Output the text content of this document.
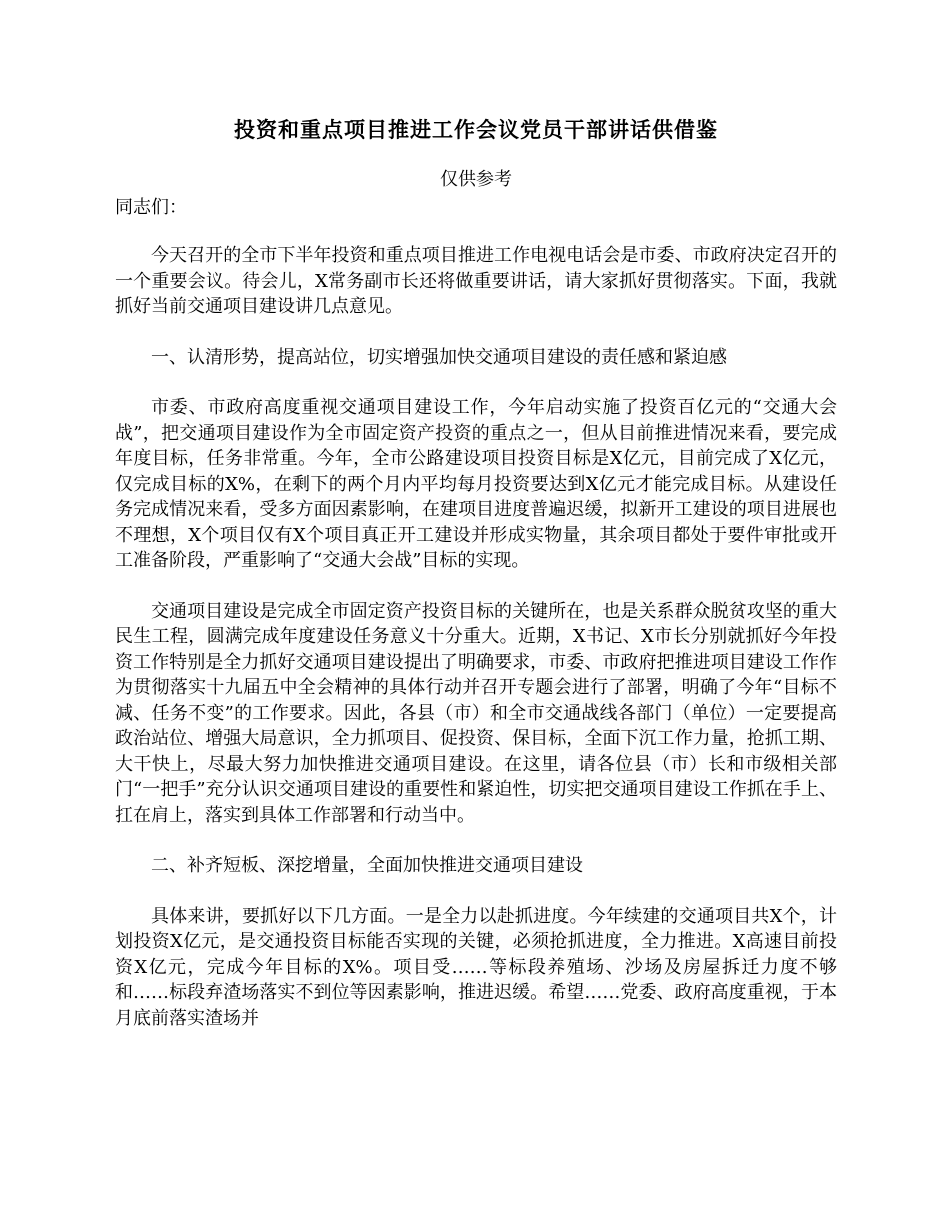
投资和重点项目推进工作会议党员干部讲话供借鉴
仅供参考

同志们：

今天召开的全市下半年投资和重点项目推进工作电视电话会是市委、市政府决定召开的一个重要会议。待会儿，X常务副市长还将做重要讲话，请大家抓好贯彻落实。下面，我就抓好当前交通项目建设讲几点意见。

一、认清形势，提高站位，切实增强加快交通项目建设的责任感和紧迫感

市委、市政府高度重视交通项目建设工作，今年启动实施了投资百亿元的“交通大会战”，把交通项目建设作为全市固定资产投资的重点之一，但从目前推进情况来看，要完成年度目标，任务非常重。今年，全市公路建设项目投资目标是X亿元，目前完成了X亿元，仅完成目标的X%，在剩下的两个月内平均每月投资要达到X亿元才能完成目标。从建设任务完成情况来看，受多方面因素影响，在建项目进度普遍迟缓，拟新开工建设的项目进展也不理想，X个项目仅有X个项目真正开工建设并形成实物量，其余项目都处于要件审批或开工准备阶段，严重影响了“交通大会战”目标的实现。

交通项目建设是完成全市固定资产投资目标的关键所在，也是关系群众脱贫攻坚的重大民生工程，圆满完成年度建设任务意义十分重大。近期，X书记、X市长分别就抓好今年投资工作特别是全力抓好交通项目建设提出了明确要求，市委、市政府把推进项目建设工作作为贯彻落实十九届五中全会精神的具体行动并召开专题会进行了部署，明确了今年“目标不减、任务不变”的工作要求。因此，各县（市）和全市交通战线各部门（单位）一定要提高政治站位、增强大局意识，全力抓项目、促投资、保目标，全面下沉工作力量，抢抓工期、大干快上，尽最大努力加快推进交通项目建设。在这里，请各位县（市）长和市级相关部门“一把手”充分认识交通项目建设的重要性和紧迫性，切实把交通项目建设工作抓在手上、扛在肩上，落实到具体工作部署和行动当中。

二、补齐短板、深挖增量，全面加快推进交通项目建设

具体来讲，要抓好以下几方面。一是全力以赴抓进度。今年续建的交通项目共X个，计划投资X亿元，是交通投资目标能否实现的关键，必须抢抓进度，全力推进。X高速目前投资X亿元，完成今年目标的X%。项目受……等标段养殖场、沙场及房屋拆迁力度不够和……标段弃渣场落实不到位等因素影响，推进迟缓。希望……党委、政府高度重视，于本月底前落实渣场并
